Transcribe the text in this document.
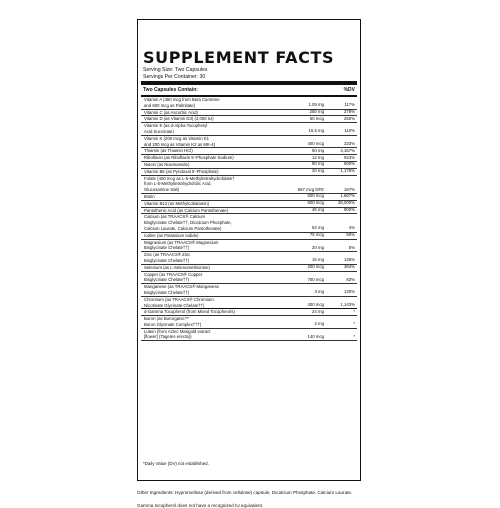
SUPPLEMENT FACTS
Serving Size: Two Capsules
Servings Per Container: 30
Two Capsules Contain:	%DV
Vitamin A (450 mcg from Beta Carotene
and 600 mcg as Palmitate)	1.05 mg	117%
Vitamin C (as Ascorbic Acid)	250 mg	278%
Vitamin D (as Vitamin D3) (2,000 IU)	50 mcg	250%
Vitamin E (as d-Alpha Tocopheryl
Acid Succinate)	16.5 mg	110%
Vitamin K (200 mcg as Vitamin K1
and 200 mcg as Vitamin K2 as MK-4)	400 mcg	333%
Thiamin (as Thiamin HCl)	50 mg	4,167%
Riboflavin (as Riboflavin 5'-Phosphate Sodium)	12 mg	923%
Niacin (as Niacinamide)	80 mg	500%
Vitamin B6 (as Pyridoxal 5'-Phosphate)	20 mg	1,176%
Folate (400 mcg as L-5-Methyltetrahydrofolate†
from L-5-Methyltetrahydrofolic Acid,
Glucosamine Salt)	667 mcg DFE	167%
Biotin	500 mcg	1,667%
Vitamin B12 (as Methylcobalamin)	600 mcg	25,000%
Pantothenic Acid (as Calcium Pantothenate)	45 mg	900%
Calcium (as TRAACS® Calcium
Bisglycinate Chelate††, Dicalcium Phosphate,
Calcium Laurate, Calcium Pantothenate)	52 mg	4%
Iodine (as Potassium Iodide)	75 mcg	50%
Magnesium (as TRAACS® Magnesium
Bisglycinate Chelate††)	20 mg	5%
Zinc (as TRAACS® Zinc
Bisglycinate Chelate††)	15 mg	136%
Selenium (as L-Selenomethionine)	200 mcg	364%
Copper (as TRAACS® Copper
Bisglycinate Chelate††)	750 mcg	83%
Manganese (as TRAACS® Manganese
Bisglycinate Chelate††)	3 mg	130%
Chromium (as TRAACS® Chromium
Nicotinate Glycinate Chelate††)	400 mcg	1,143%
d-Gamma Tocopherol (from Mixed Tocopherols)	24 mg	*
Boron (as Bororganic™
Boron Glycinate Complex†††)	2 mg	*
Lutein (from Aztec Marigold extract
[flower] (Tagetes erecta))	140 mcg	*
*Daily Value (DV) not established.
Other Ingredients: Hypromellose (derived from cellulose) capsule, Dicalcium Phosphate, Calcium Laurate.
Gamma tocopherol does not have a recognized IU equivalent.
